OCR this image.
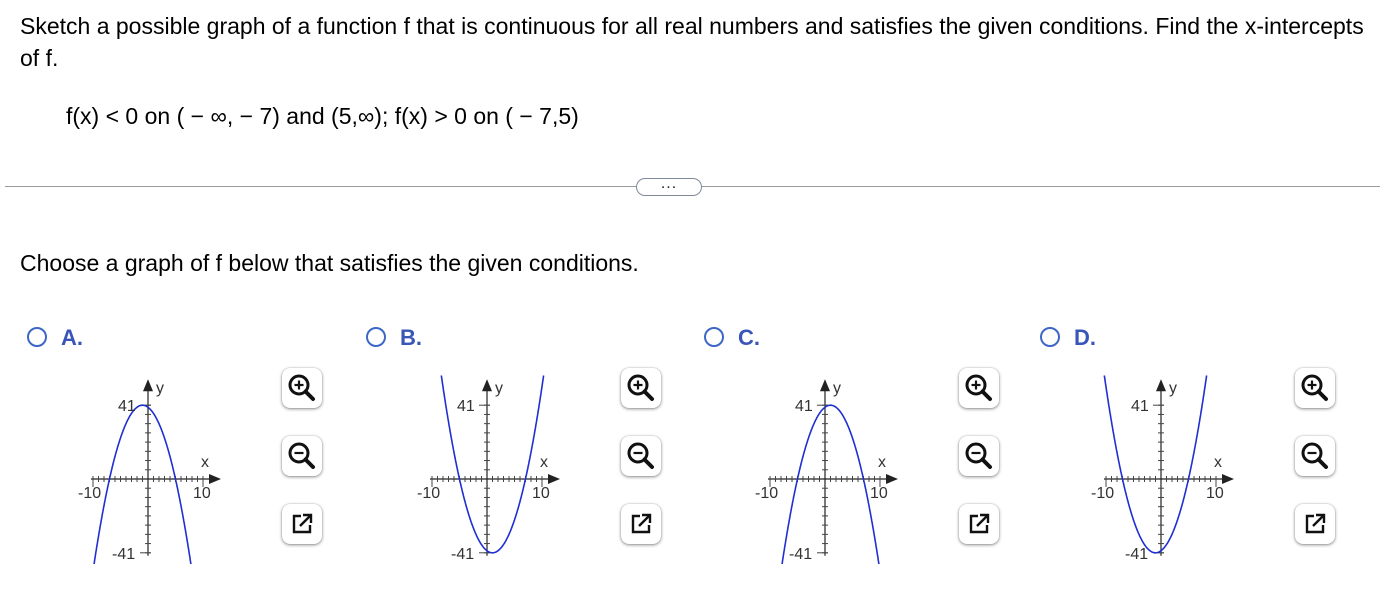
Sketch a possible graph of a function f that is continuous for all real numbers and satisfies the given conditions. Find the x-intercepts of f.

f(x) < 0 on ( − ∞, − 7) and (5,∞); f(x) > 0 on ( − 7,5)

...

Choose a graph of f below that satisfies the given conditions.

A.
-10	10
41
-41
x
y
B.
-10	10
41
-41
x
y
C.
-10	10
41
-41
x
y
D.
-10	10
41
-41
x
y
